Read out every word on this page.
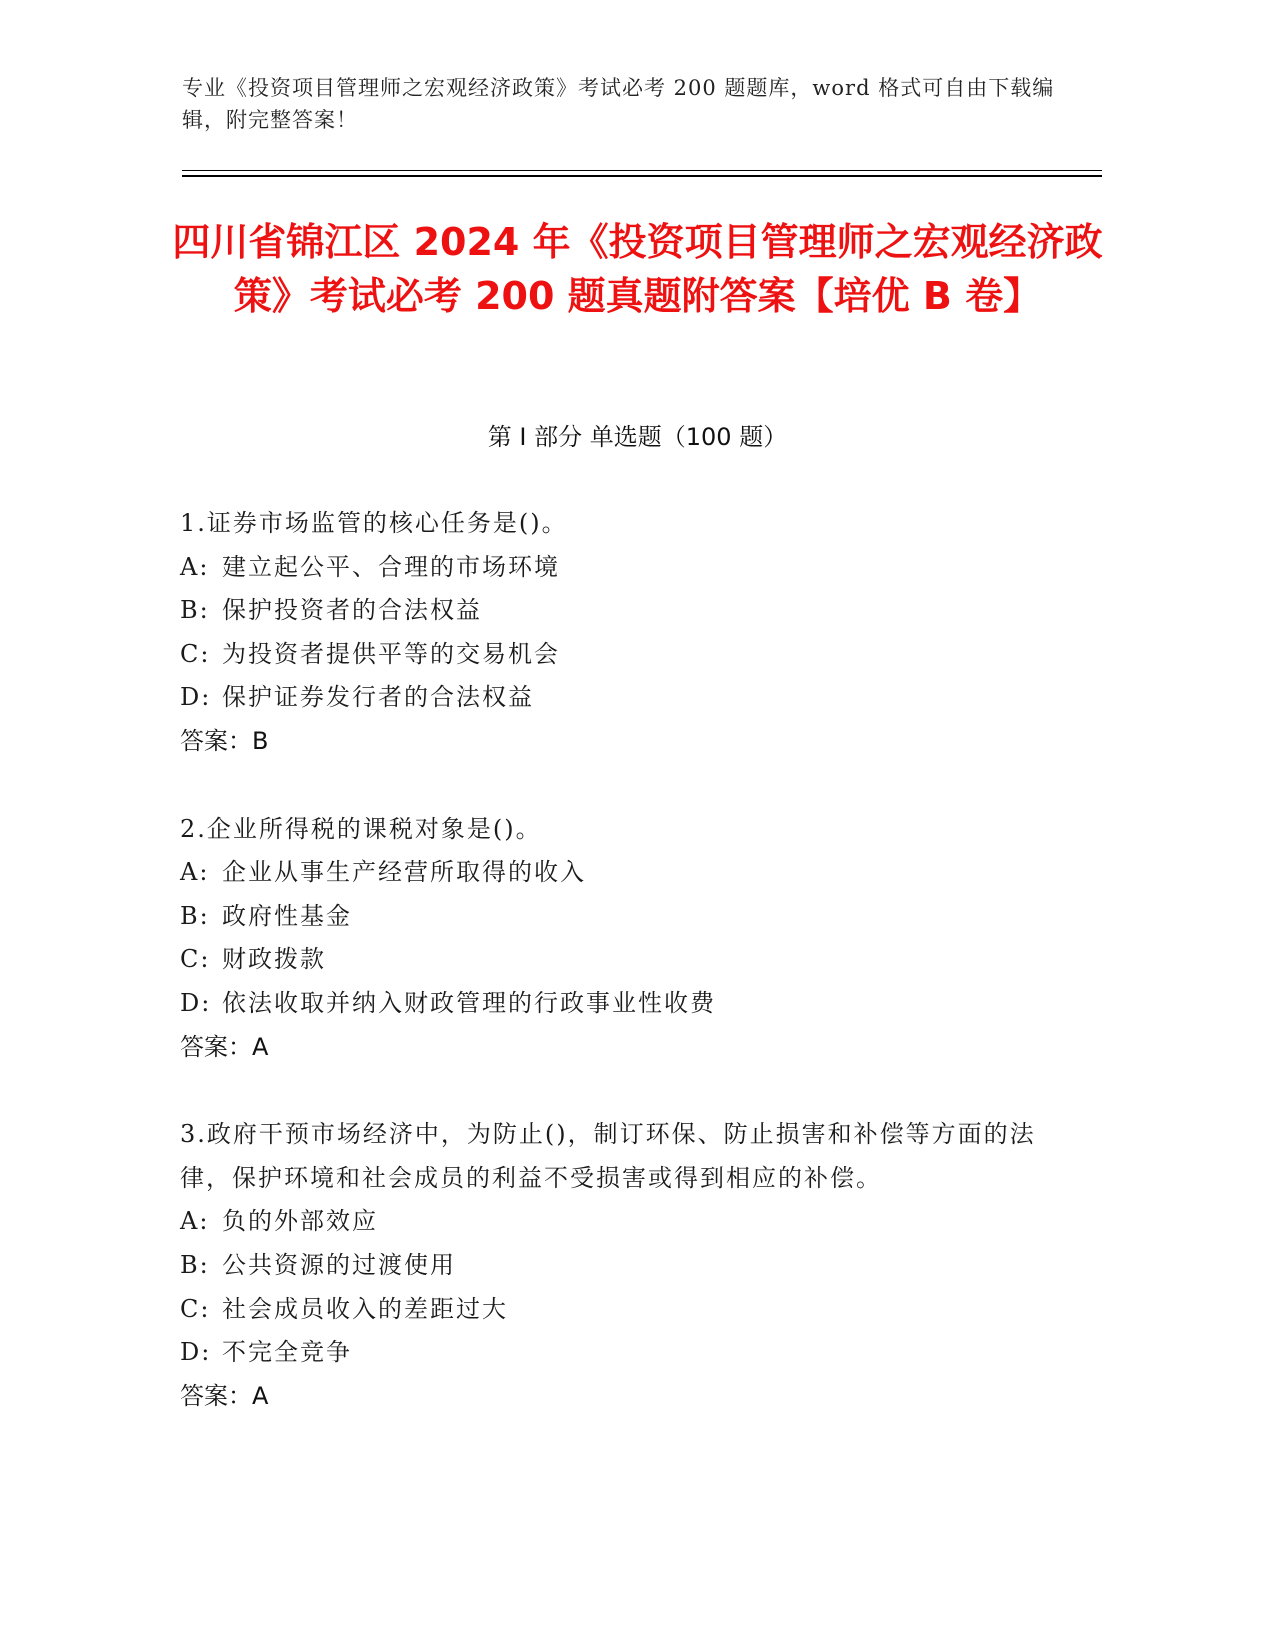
专业《投资项目管理师之宏观经济政策》考试必考 200 题题库，word 格式可自由下载编辑，附完整答案！
四川省锦江区 2024 年《投资项目管理师之宏观经济政策》考试必考 200 题真题附答案【培优 B 卷】
第 I 部分 单选题（100 题）
1.证券市场监管的核心任务是()。
A: 建立起公平、合理的市场环境
B: 保护投资者的合法权益
C: 为投资者提供平等的交易机会
D: 保护证券发行者的合法权益
答案：B
2.企业所得税的课税对象是()。
A: 企业从事生产经营所取得的收入
B: 政府性基金
C: 财政拨款
D: 依法收取并纳入财政管理的行政事业性收费
答案：A
3.政府干预市场经济中，为防止()，制订环保、防止损害和补偿等方面的法律，保护环境和社会成员的利益不受损害或得到相应的补偿。
A: 负的外部效应
B: 公共资源的过渡使用
C: 社会成员收入的差距过大
D: 不完全竞争
答案：A
